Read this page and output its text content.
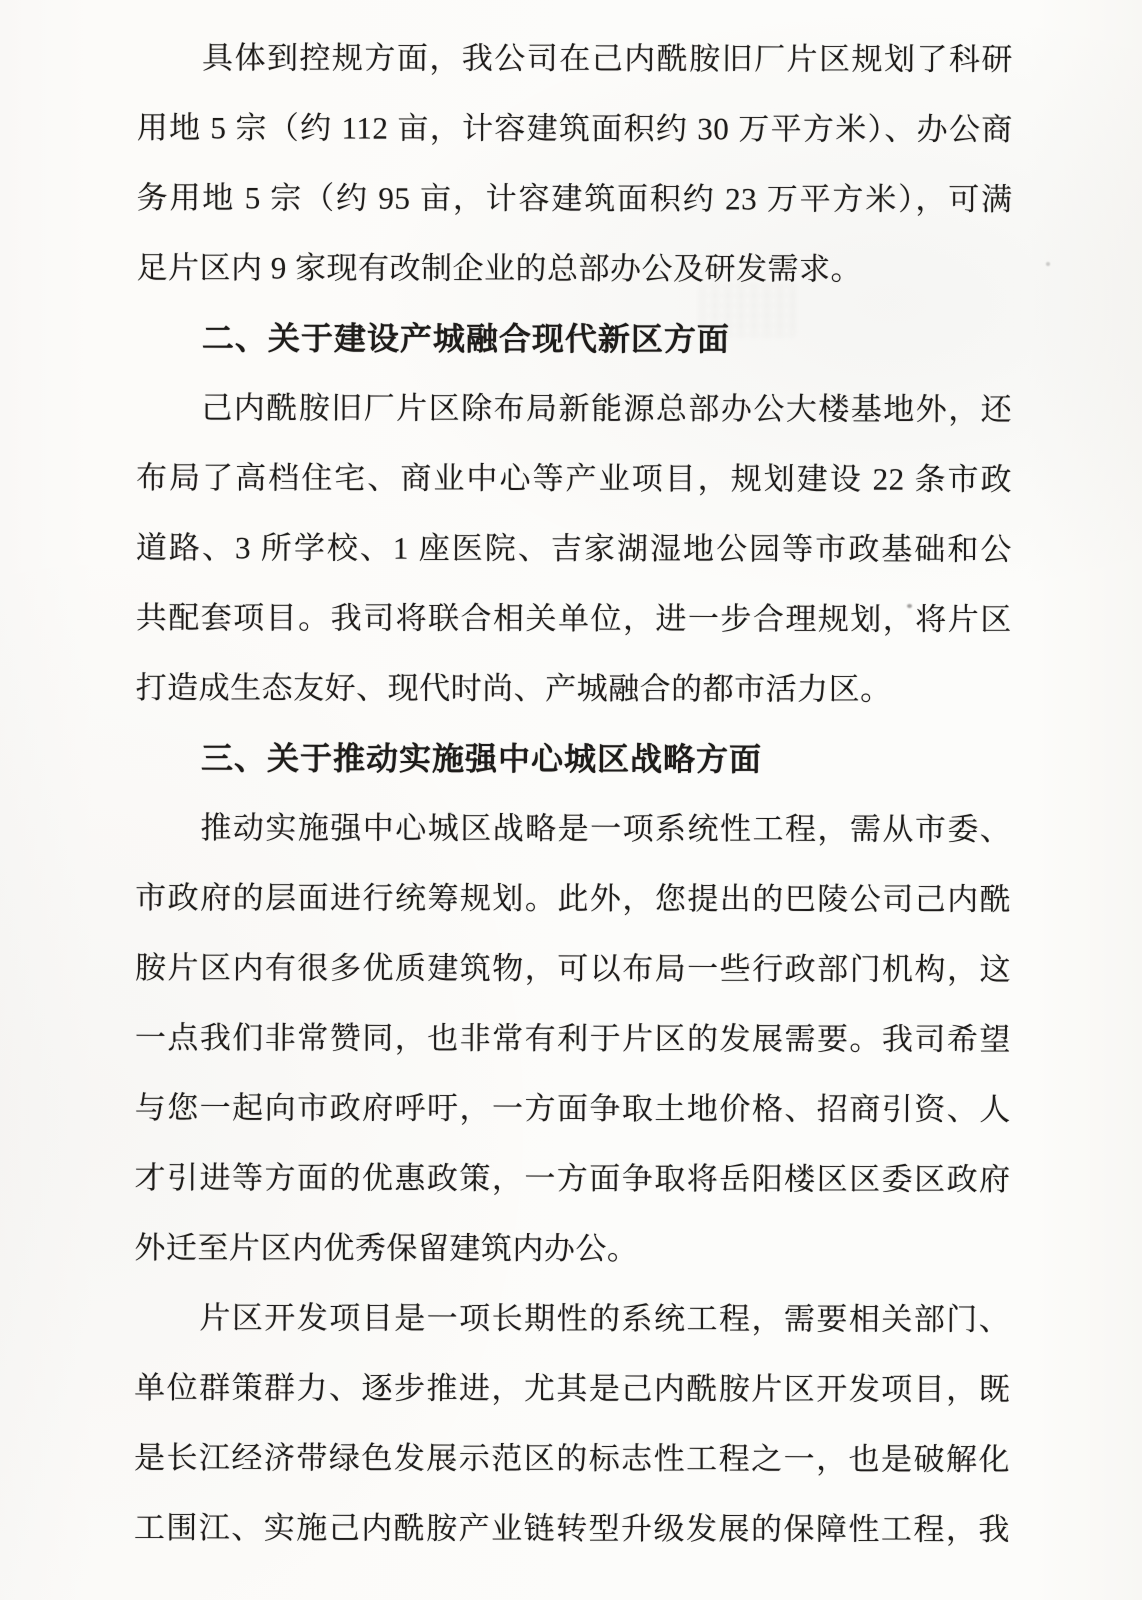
具体到控规方面，我公司在己内酰胺旧厂片区规划了科研
用地 5 宗（约 112 亩，计容建筑面积约 30 万平方米）、办公商
务用地 5 宗（约 95 亩，计容建筑面积约 23 万平方米），可满
足片区内 9 家现有改制企业的总部办公及研发需求。
二、关于建设产城融合现代新区方面
己内酰胺旧厂片区除布局新能源总部办公大楼基地外，还
布局了高档住宅、商业中心等产业项目，规划建设 22 条市政
道路、3 所学校、1 座医院、吉家湖湿地公园等市政基础和公
共配套项目。我司将联合相关单位，进一步合理规划，将片区
打造成生态友好、现代时尚、产城融合的都市活力区。
三、关于推动实施强中心城区战略方面
推动实施强中心城区战略是一项系统性工程，需从市委、
市政府的层面进行统筹规划。此外，您提出的巴陵公司己内酰
胺片区内有很多优质建筑物，可以布局一些行政部门机构，这
一点我们非常赞同，也非常有利于片区的发展需要。我司希望
与您一起向市政府呼吁，一方面争取土地价格、招商引资、人
才引进等方面的优惠政策，一方面争取将岳阳楼区区委区政府
外迁至片区内优秀保留建筑内办公。
片区开发项目是一项长期性的系统工程，需要相关部门、
单位群策群力、逐步推进，尤其是己内酰胺片区开发项目，既
是长江经济带绿色发展示范区的标志性工程之一，也是破解化
工围江、实施己内酰胺产业链转型升级发展的保障性工程，我
